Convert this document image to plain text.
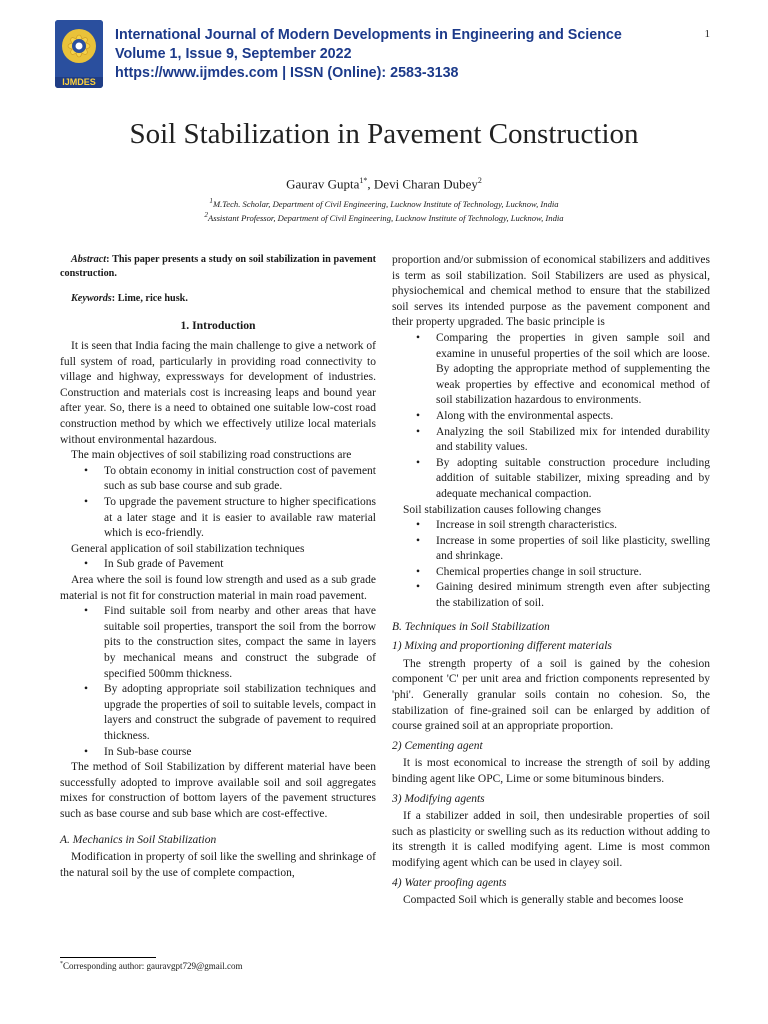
IJMDES
International Journal of Modern Developments in Engineering and Science
Volume 1, Issue 9, September 2022
https://www.ijmdes.com | ISSN (Online): 2583-3138
1
Soil Stabilization in Pavement Construction
Gaurav Gupta$^{1*}$, Devi Charan Dubey$^2$
$^1$M.Tech. Scholar, Department of Civil Engineering, Lucknow Institute of Technology, Lucknow, India
$^2$Assistant Professor, Department of Civil Engineering, Lucknow Institute of Technology, Lucknow, India

Abstract: This paper presents a study on soil stabilization in pavement construction.

Keywords: Lime, rice husk.

1. Introduction

It is seen that India facing the main challenge to give a network of full system of road, particularly in providing road connectivity to village and highway, expressways for development of industries. Construction and materials cost is increasing leaps and bound year after year. So, there is a need to obtained one suitable low-cost road construction method by which we effectively utilize local materials without environmental hazardous.

The main objectives of soil stabilizing road constructions are

• To obtain economy in initial construction cost of pavement such as sub base course and sub grade.
• To upgrade the pavement structure to higher specifications at a later stage and it is easier to available raw material which is eco-friendly.

General application of soil stabilization techniques

• In Sub grade of Pavement

Area where the soil is found low strength and used as a sub grade material is not fit for construction material in main road pavement.

• Find suitable soil from nearby and other areas that have suitable soil properties, transport the soil from the borrow pits to the construction sites, compact the same in layers by mechanical means and construct the subgrade of specified 500mm thickness.
• By adopting appropriate soil stabilization techniques and upgrade the properties of soil to suitable levels, compact in layers and construct the subgrade of pavement to required thickness.
• In Sub-base course

The method of Soil Stabilization by different material have been successfully adopted to improve available soil and soil aggregates mixes for construction of bottom layers of the pavement structures such as base course and sub base which are cost-effective.

A. Mechanics in Soil Stabilization

Modification in property of soil like the swelling and shrinkage of the natural soil by the use of complete compaction,

proportion and/or submission of economical stabilizers and additives is term as soil stabilization. Soil Stabilizers are used as physical, physiochemical and chemical method to ensure that the stabilized soil serves its intended purpose as the pavement component and their property upgraded. The basic principle is

• Comparing the properties in given sample soil and examine in unuseful properties of the soil which are loose. By adopting the appropriate method of supplementing the weak properties by effective and economical method of soil stabilization hazardous to environments.
• Along with the environmental aspects.
• Analyzing the soil Stabilized mix for intended durability and stability values.
• By adopting suitable construction procedure including addition of suitable stabilizer, mixing spreading and by adequate mechanical compaction.

Soil stabilization causes following changes

• Increase in soil strength characteristics.
• Increase in some properties of soil like plasticity, swelling and shrinkage.
• Chemical properties change in soil structure.
• Gaining desired minimum strength even after subjecting the stabilization of soil.
B. Techniques in Soil Stabilization
1) Mixing and proportioning different materials

The strength property of a soil is gained by the cohesion component 'C' per unit area and friction components represented by 'phi'. Generally granular soils contain no cohesion. So, the stabilization of fine-grained soil can be enlarged by addition of course grained soil at an appropriate proportion.

2) Cementing agent

It is most economical to increase the strength of soil by adding binding agent like OPC, Lime or some bituminous binders.

3) Modifying agents

If a stabilizer added in soil, then undesirable properties of soil such as plasticity or swelling such as its reduction without adding to its strength it is called modifying agent. Lime is most common modifying agent which can be used in clayey soil.

4) Water proofing agents

Compacted Soil which is generally stable and becomes loose

*Corresponding author: gauravgpt729@gmail.com
